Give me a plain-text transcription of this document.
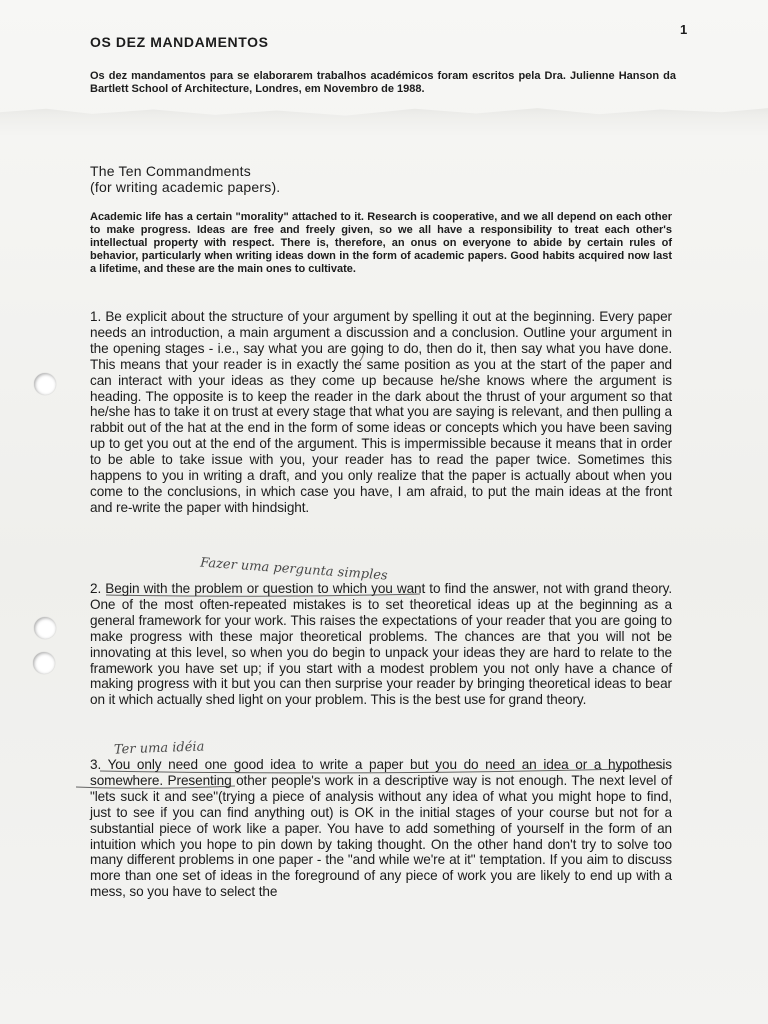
1
OS DEZ MANDAMENTOS
Os dez mandamentos para se elaborarem trabalhos académicos foram escritos pela Dra. Julienne Hanson da Bartlett School of Architecture, Londres, em Novembro de 1988.
The Ten Commandments
(for writing academic papers).
Academic life has a certain "morality" attached to it. Research is cooperative, and we all depend on each other to make progress. Ideas are free and freely given, so we all have a responsibility to treat each other's intellectual property with respect. There is, therefore, an onus on everyone to abide by certain rules of behavior, particularly when writing ideas down in the form of academic papers. Good habits acquired now last a lifetime, and these are the main ones to cultivate.
1. Be explicit about the structure of your argument by spelling it out at the beginning. Every paper needs an introduction, a main argument a discussion and a conclusion. Outline your argument in the opening stages - i.e., say what you are going to do, then do it, then say what you have done. This means that your reader is in exactly the same position as you at the start of the paper and can interact with your ideas as they come up because he/she knows where the argument is heading. The opposite is to keep the reader in the dark about the thrust of your argument so that he/she has to take it on trust at every stage that what you are saying is relevant, and then pulling a rabbit out of the hat at the end in the form of some ideas or concepts which you have been saving up to get you out at the end of the argument. This is impermissible because it means that in order to be able to take issue with you, your reader has to read the paper twice. Sometimes this happens to you in writing a draft, and you only realize that the paper is actually about when you come to the conclusions, in which case you have, I am afraid, to put the main ideas at the front and re-write the paper with hindsight.
2. Begin with the problem or question to which you want to find the answer, not with grand theory. One of the most often-repeated mistakes is to set theoretical ideas up at the beginning as a general framework for your work. This raises the expectations of your reader that you are going to make progress with these major theoretical problems. The chances are that you will not be innovating at this level, so when you do begin to unpack your ideas they are hard to relate to the framework you have set up; if you start with a modest problem you not only have a chance of making progress with it but you can then surprise your reader by bringing theoretical ideas to bear on it which actually shed light on your problem. This is the best use for grand theory.
3. You only need one good idea to write a paper but you do need an idea or a hypothesis somewhere. Presenting other people's work in a descriptive way is not enough. The next level of "lets suck it and see"(trying a piece of analysis without any idea of what you might hope to find, just to see if you can find anything out) is OK in the initial stages of your course but not for a substantial piece of work like a paper. You have to add something of yourself in the form of an intuition which you hope to pin down by taking thought. On the other hand don't try to solve too many different problems in one paper - the "and while we're at it" temptation. If you aim to discuss more than one set of ideas in the foreground of any piece of work you are likely to end up with a mess, so you have to select the
Fazer uma pergunta simples
Ter uma idéia
